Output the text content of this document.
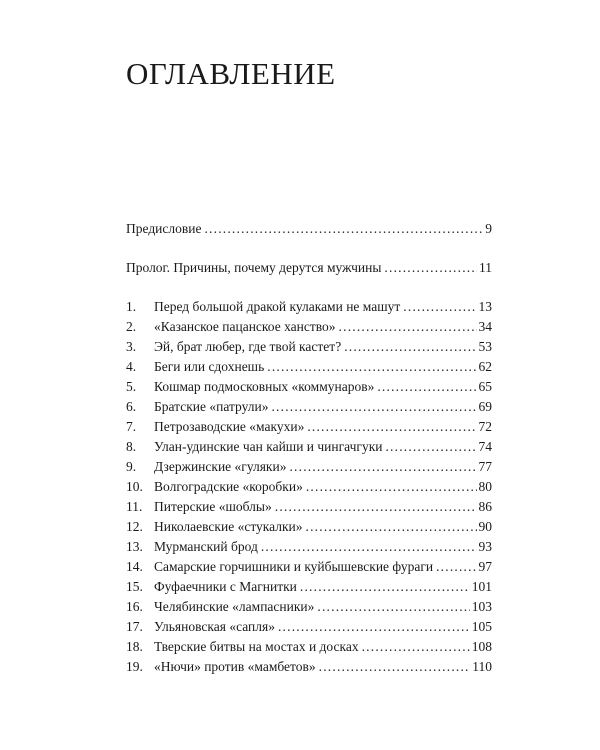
ОГЛАВЛЕНИЕ
Предисловие .....	9
Пролог. Причины, почему дерутся мужчины .....	11
1.	Перед большой дракой кулаками не машут .....	13
2.	«Казанское пацанское ханство» .....	34
3.	Эй, брат любер, где твой кастет? .....	53
4.	Беги или сдохнешь .....	62
5.	Кошмар подмосковных «коммунаров» .....	65
6.	Братские «патрули» .....	69
7.	Петрозаводские «макухи» .....	72
8.	Улан-удинские чан кайши и чингачгуки .....	74
9.	Дзержинские «гуляки» .....	77
10. Волгоградские «коробки» .....	80
11. Питерские «шоблы» .....	86
12. Николаевские «стукалки» .....	90
13. Мурманский брод .....	93
14. Самарские горчишники и куйбышевские фураги .....	97
15. Фуфаечники с Магнитки .....	101
16. Челябинские «лампасники» .....	103
17. Ульяновская «сапля» .....	105
18. Тверские битвы на мостах и досках .....	108
19. «Нючи» против «мамбетов» .....	110
